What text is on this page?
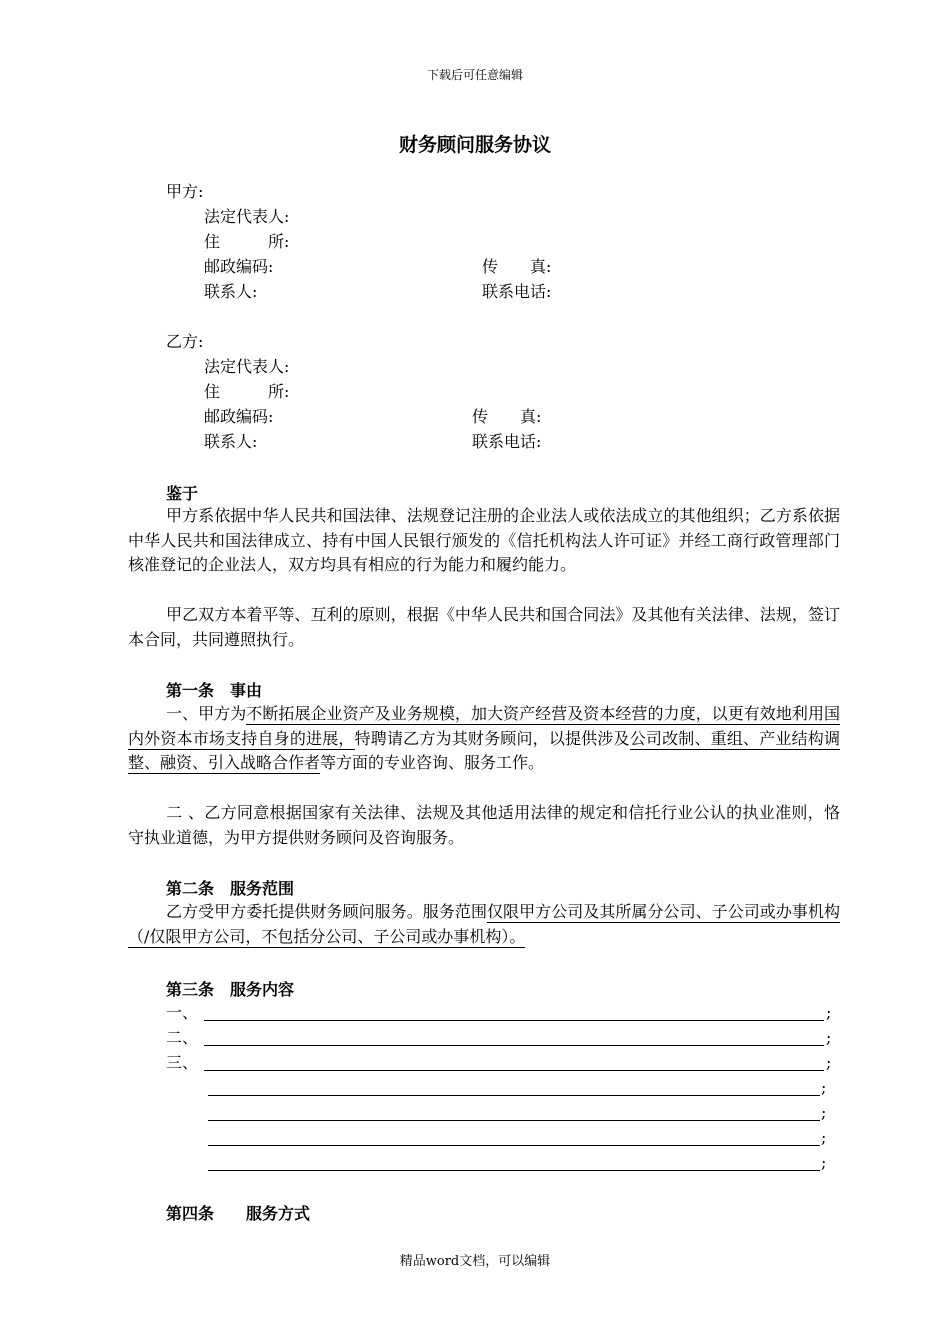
下载后可任意编辑
财务顾问服务协议
甲方:
法定代表人:
住　　　所:
邮政编码:	传　　真:
联系人:	联系电话:
乙方:
法定代表人:
住　　　所:
邮政编码:	传　　真:
联系人:	联系电话:
鉴于
甲方系依据中华人民共和国法律、法规登记注册的企业法人或依法成立的其他组织；乙方系依据中华人民共和国法律成立、持有中国人民银行颁发的《信托机构法人许可证》并经工商行政管理部门核准登记的企业法人，双方均具有相应的行为能力和履约能力。
甲乙双方本着平等、互利的原则，根据《中华人民共和国合同法》及其他有关法律、法规，签订本合同，共同遵照执行。
第一条　事由
一、甲方为不断拓展企业资产及业务规模，加大资产经营及资本经营的力度，以更有效地利用国内外资本市场支持自身的进展，特聘请乙方为其财务顾问，以提供涉及公司改制、重组、产业结构调整、融资、引入战略合作者等方面的专业咨询、服务工作。
二 、乙方同意根据国家有关法律、法规及其他适用法律的规定和信托行业公认的执业准则，恪守执业道德，为甲方提供财务顾问及咨询服务。
第二条　服务范围
乙方受甲方委托提供财务顾问服务。服务范围仅限甲方公司及其所属分公司、子公司或办事机构（/仅限甲方公司，不包括分公司、子公司或办事机构）。
第三条　服务内容
一、	;
二、	;
三、	;
;
;
;
;
第四条　　服务方式
精品word文档，可以编辑
